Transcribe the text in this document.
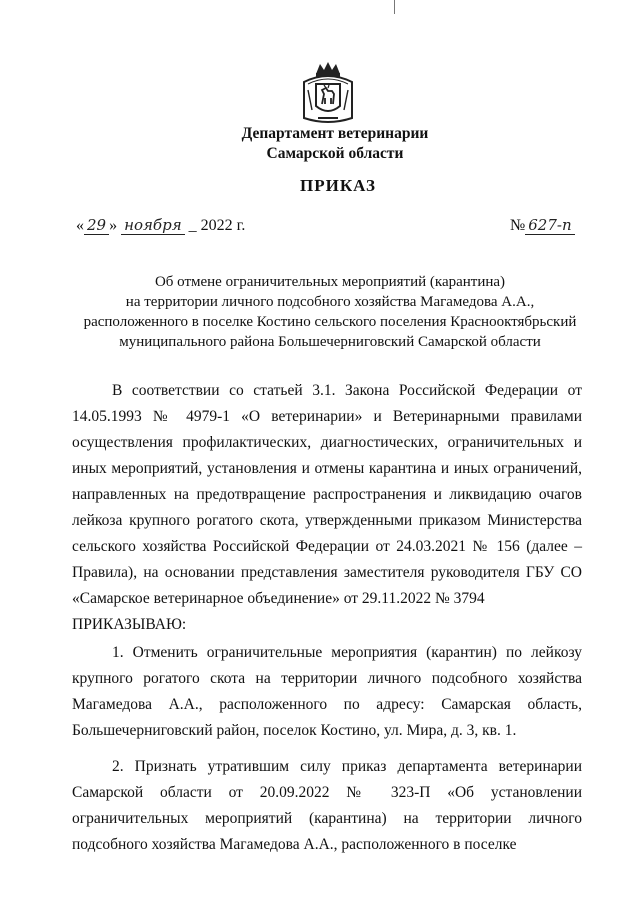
Департамент ветеринарии
Самарской области
ПРИКАЗ
« 29 » ноября _ 2022 г.	№ 627-п
Об отмене ограничительных мероприятий (карантина)
на территории личного подсобного хозяйства Магамедова А.А.,
расположенного в поселке Костино сельского поселения Краснооктябрьский
муниципального района Большечерниговский Самарской области

В соответствии со статьей 3.1. Закона Российской Федерации от 14.05.1993 № 4979-1 «О ветеринарии» и Ветеринарными правилами осуществления профилактических, диагностических, ограничительных и иных мероприятий, установления и отмены карантина и иных ограничений, направленных на предотвращение распространения и ликвидацию очагов лейкоза крупного рогатого скота, утвержденными приказом Министерства сельского хозяйства Российской Федерации от 24.03.2021 № 156 (далее – Правила), на основании представления заместителя руководителя ГБУ СО «Самарское ветеринарное объединение» от 29.11.2022 № 3794

ПРИКАЗЫВАЮ:

1. Отменить ограничительные мероприятия (карантин) по лейкозу крупного рогатого скота на территории личного подсобного хозяйства Магамедова А.А., расположенного по адресу: Самарская область, Большечерниговский район, поселок Костино, ул. Мира, д. 3, кв. 1.

2. Признать утратившим силу приказ департамента ветеринарии Самарской области от 20.09.2022 № 323-П «Об установлении ограничительных мероприятий (карантина) на территории личного подсобного хозяйства Магамедова А.А., расположенного в поселке
